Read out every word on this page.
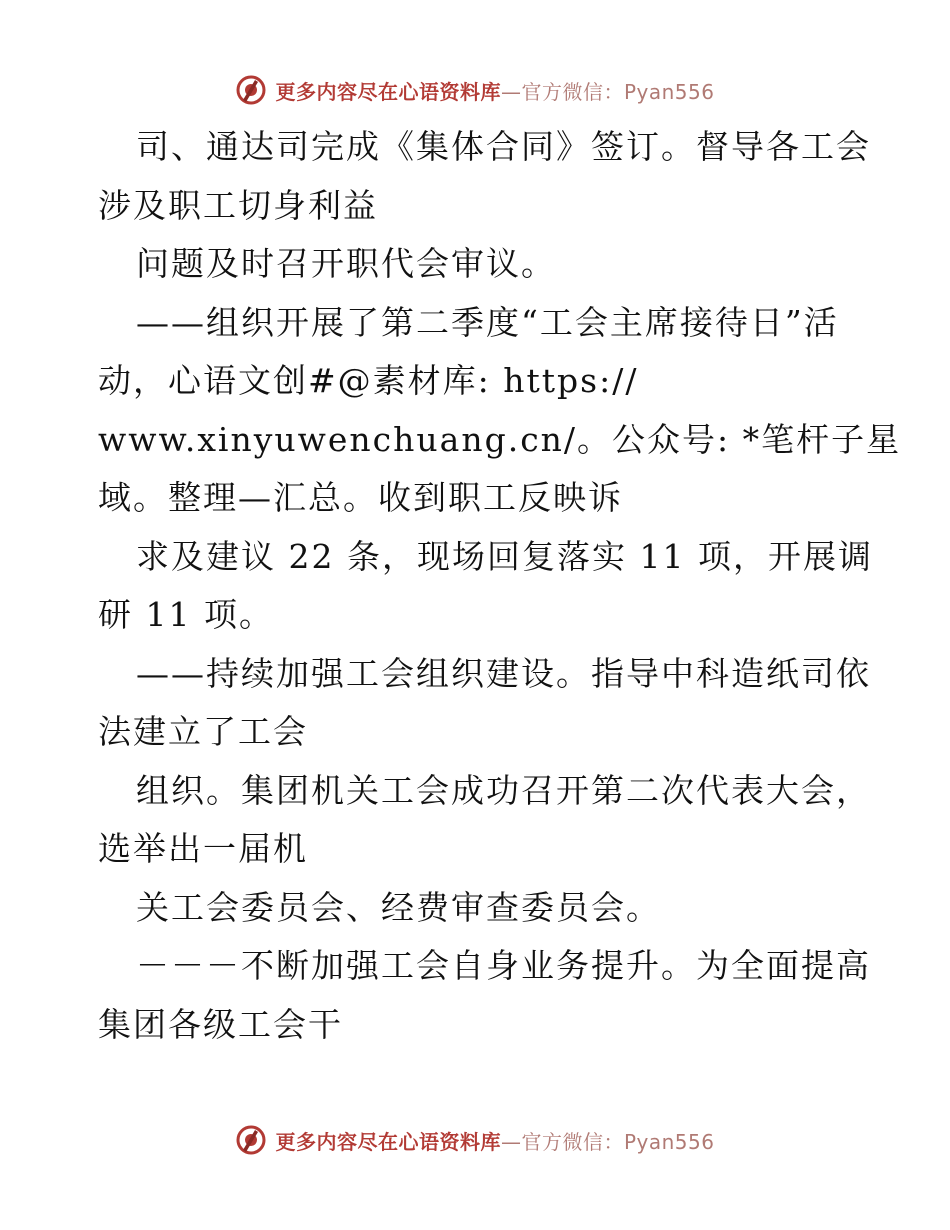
更多内容尽在心语资料库—官方微信：Pyan556
司、通达司完成《集体合同》签订。督导各工会
涉及职工切身利益
问题及时召开职代会审议。
——组织开展了第二季度“工会主席接待日”活
动，心语文创#@素材库: https://
www.xinyuwenchuang.cn/。公众号: *笔杆子星
域。整理—汇总。收到职工反映诉
求及建议 22 条，现场回复落实 11 项，开展调
研 11 项。
——持续加强工会组织建设。指导中科造纸司依
法建立了工会
组织。集团机关工会成功召开第二次代表大会，
选举出一届机
关工会委员会、经费审查委员会。
－－－不断加强工会自身业务提升。为全面提高
集团各级工会干
更多内容尽在心语资料库—官方微信：Pyan556
